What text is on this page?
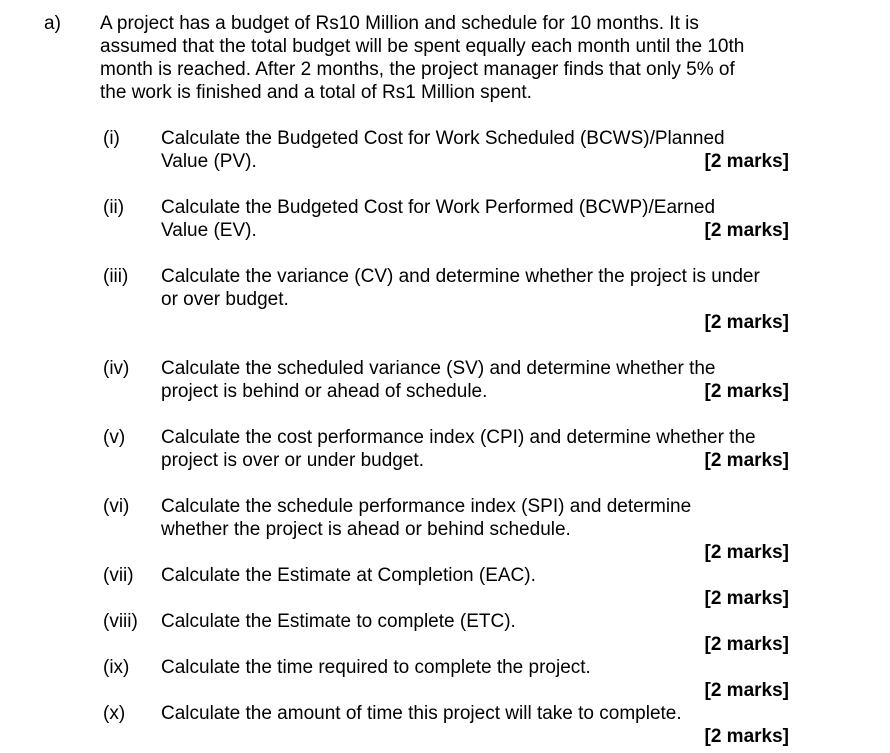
a) A project has a budget of Rs10 Million and schedule for 10 months. It is
assumed that the total budget will be spent equally each month until the 10th
month is reached. After 2 months, the project manager finds that only 5% of
the work is finished and a total of Rs1 Million spent.
(i) Calculate the Budgeted Cost for Work Scheduled (BCWS)/Planned
Value (PV).	[2 marks]
(ii) Calculate the Budgeted Cost for Work Performed (BCWP)/Earned
Value (EV).	[2 marks]
(iii) Calculate the variance (CV) and determine whether the project is under
or over budget.
[2 marks]
(iv) Calculate the scheduled variance (SV) and determine whether the
project is behind or ahead of schedule.	[2 marks]
(v) Calculate the cost performance index (CPI) and determine whether the
project is over or under budget.	[2 marks]
(vi) Calculate the schedule performance index (SPI) and determine
whether the project is ahead or behind schedule.
[2 marks]
(vii) Calculate the Estimate at Completion (EAC).
[2 marks]
(viii) Calculate the Estimate to complete (ETC).
[2 marks]
(ix) Calculate the time required to complete the project.
[2 marks]
(x) Calculate the amount of time this project will take to complete.
[2 marks]
